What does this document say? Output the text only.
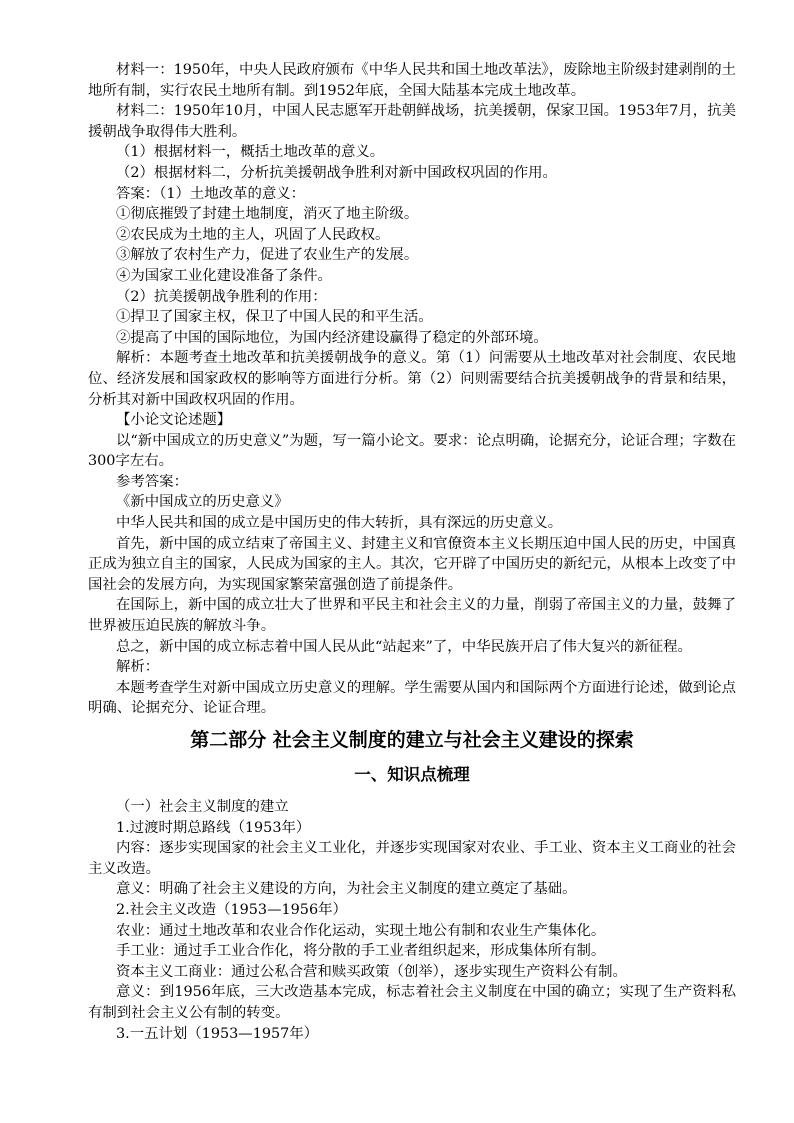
材料一：1950年，中央人民政府颁布《中华人民共和国土地改革法》，废除地主阶级封建剥削的土地所有制，实行农民土地所有制。到1952年底，全国大陆基本完成土地改革。

材料二：1950年10月，中国人民志愿军开赴朝鲜战场，抗美援朝，保家卫国。1953年7月，抗美援朝战争取得伟大胜利。

（1）根据材料一，概括土地改革的意义。

（2）根据材料二，分析抗美援朝战争胜利对新中国政权巩固的作用。

答案：（1）土地改革的意义：

①彻底摧毁了封建土地制度，消灭了地主阶级。

②农民成为土地的主人，巩固了人民政权。

③解放了农村生产力，促进了农业生产的发展。

④为国家工业化建设准备了条件。

（2）抗美援朝战争胜利的作用：

①捍卫了国家主权，保卫了中国人民的和平生活。

②提高了中国的国际地位，为国内经济建设赢得了稳定的外部环境。

解析：本题考查土地改革和抗美援朝战争的意义。第（1）问需要从土地改革对社会制度、农民地位、经济发展和国家政权的影响等方面进行分析。第（2）问则需要结合抗美援朝战争的背景和结果，分析其对新中国政权巩固的作用。

【小论文论述题】

以“新中国成立的历史意义”为题，写一篇小论文。要求：论点明确，论据充分，论证合理；字数在300字左右。

参考答案：

《新中国成立的历史意义》

中华人民共和国的成立是中国历史的伟大转折，具有深远的历史意义。

首先，新中国的成立结束了帝国主义、封建主义和官僚资本主义长期压迫中国人民的历史，中国真正成为独立自主的国家，人民成为国家的主人。其次，它开辟了中国历史的新纪元，从根本上改变了中国社会的发展方向，为实现国家繁荣富强创造了前提条件。

在国际上，新中国的成立壮大了世界和平民主和社会主义的力量，削弱了帝国主义的力量，鼓舞了世界被压迫民族的解放斗争。

总之，新中国的成立标志着中国人民从此“站起来”了，中华民族开启了伟大复兴的新征程。

解析：

本题考查学生对新中国成立历史意义的理解。学生需要从国内和国际两个方面进行论述，做到论点明确、论据充分、论证合理。

第二部分 社会主义制度的建立与社会主义建设的探索
一、知识点梳理

（一）社会主义制度的建立

1.过渡时期总路线（1953年）

内容：逐步实现国家的社会主义工业化，并逐步实现国家对农业、手工业、资本主义工商业的社会主义改造。

意义：明确了社会主义建设的方向，为社会主义制度的建立奠定了基础。

2.社会主义改造（1953—1956年）

农业：通过土地改革和农业合作化运动，实现土地公有制和农业生产集体化。

手工业：通过手工业合作化，将分散的手工业者组织起来，形成集体所有制。

资本主义工商业：通过公私合营和赎买政策（创举），逐步实现生产资料公有制。

意义：到1956年底，三大改造基本完成，标志着社会主义制度在中国的确立；实现了生产资料私有制到社会主义公有制的转变。

3.一五计划（1953—1957年）
